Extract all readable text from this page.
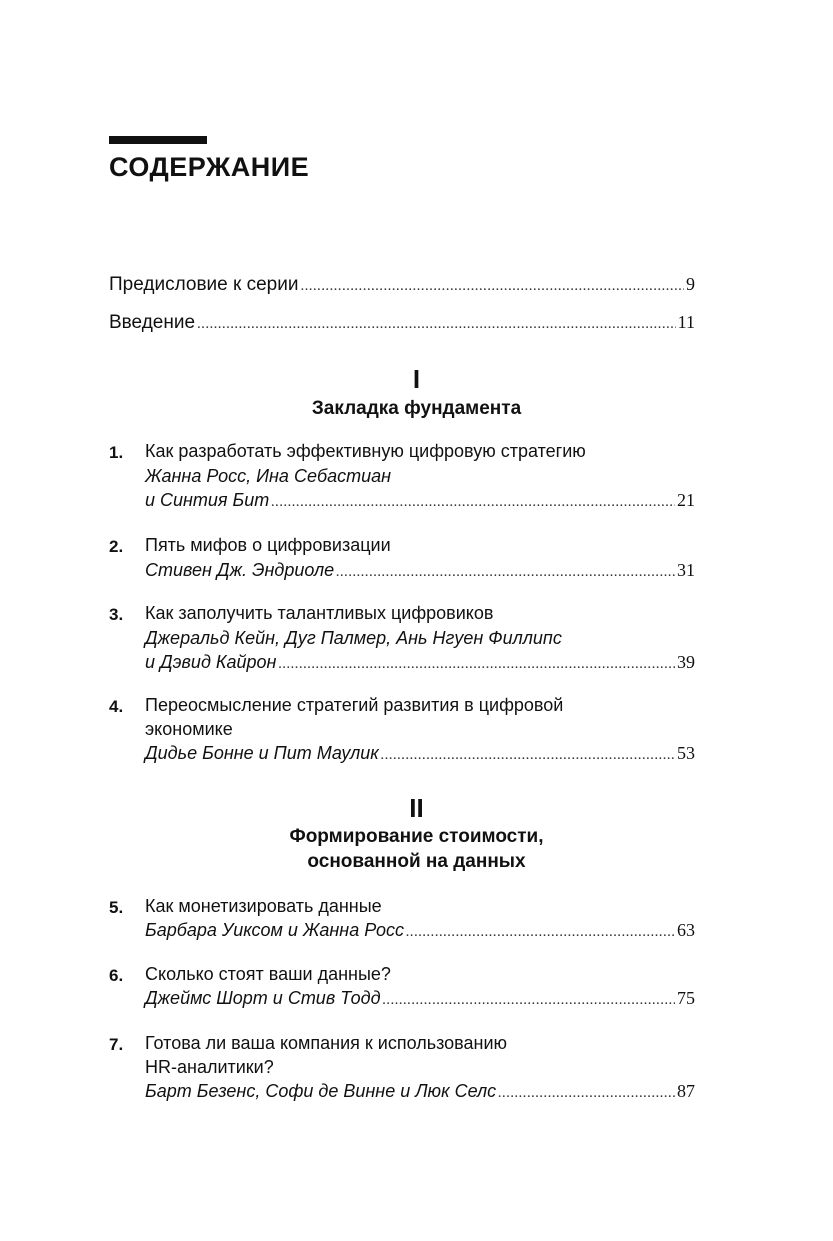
СОДЕРЖАНИЕ
Предисловие к серии .....	9
Введение .....	11
I
Закладка фундамента
1. Как разработать эффективную цифровую стратегию
Жанна Росс, Ина Себастиан
и Синтия Бит .....	21
2. Пять мифов о цифровизации
Стивен Дж. Эндриоле .....	31
3. Как заполучить талантливых цифровиков
Джеральд Кейн, Дуг Палмер, Ань Нгуен Филлипс
и Дэвид Кайрон .....	39
4. Переосмысление стратегий развития в цифровой
экономике
Дидье Бонне и Пит Маулик .....	53
II
Формирование стоимости,
основанной на данных
5. Как монетизировать данные
Барбара Уиксом и Жанна Росс .....	63
6. Сколько стоят ваши данные?
Джеймс Шорт и Стив Тодд .....	75
7. Готова ли ваша компания к использованию
HR-аналитики?
Барт Безенс, Софи де Винне и Люк Селс .....	87
